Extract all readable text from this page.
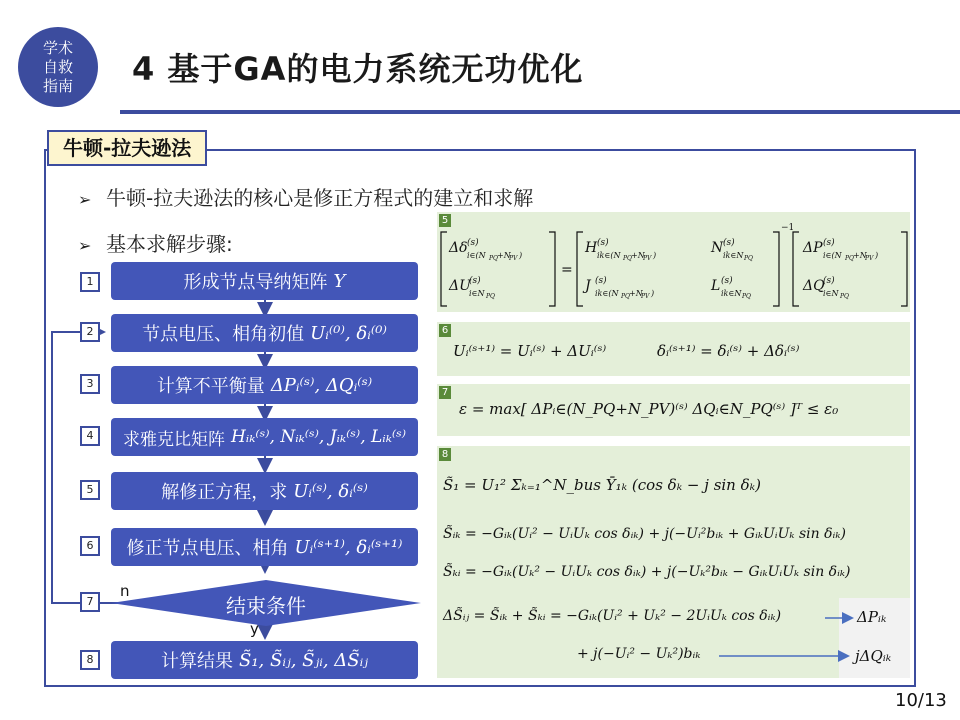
学术
自救
指南	4 基于GA的电力系统无功优化
牛顿-拉夫逊法
➢ 牛顿-拉夫逊法的核心是修正方程式的建立和求解
➢ 基本求解步骤:
1	形成节点导纳矩阵 Y
2	节点电压、相角初值 Uᵢ⁽⁰⁾, δᵢ⁽⁰⁾
3	计算不平衡量 ΔPᵢ⁽ˢ⁾, ΔQᵢ⁽ˢ⁾
4	求雅克比矩阵 Hᵢₖ⁽ˢ⁾, Nᵢₖ⁽ˢ⁾, Jᵢₖ⁽ˢ⁾, Lᵢₖ⁽ˢ⁾
5	解修正方程，求 Uᵢ⁽ˢ⁾, δᵢ⁽ˢ⁾
6	修正节点电压、相角 Uᵢ⁽ˢ⁺¹⁾, δᵢ⁽ˢ⁺¹⁾
7	结束条件
n
y
8	计算结果 S̃₁, S̃ᵢⱼ, S̃ⱼᵢ, ΔS̃ᵢⱼ
5
Δδ (s)
i∈(N PQ +N
PV )
ΔU
(s)
i∈N PQ
=
H (s)
ik∈(N PQ +N
PV )	N (s)
ik∈N PQ
J (s)
ik∈(N PQ +N
PV )	L (s)
ik∈N PQ
−1
ΔP (s)
i∈(N PQ +N
PV )
ΔQ
(s)
i∈N PQ
6
Uᵢ⁽ˢ⁺¹⁾ = Uᵢ⁽ˢ⁾ + ΔUᵢ⁽ˢ⁾	δᵢ⁽ˢ⁺¹⁾ = δᵢ⁽ˢ⁾ + Δδᵢ⁽ˢ⁾
7
ε = max[ ΔPᵢ∈(N_PQ+N_PV)⁽ˢ⁾ ΔQᵢ∈N_PQ⁽ˢ⁾ ]ᵀ ≤ ε₀
8
S̃₁ = U₁² Σₖ₌₁^N_bus Ȳ₁ₖ (cos δₖ − j sin δₖ)
S̃ᵢₖ = −Gᵢₖ(Uᵢ² − UᵢUₖ cos δᵢₖ) + j(−Uᵢ²bᵢₖ + GᵢₖUᵢUₖ sin δᵢₖ)
S̃ₖᵢ = −Gᵢₖ(Uₖ² − UᵢUₖ cos δᵢₖ) + j(−Uₖ²bᵢₖ − GᵢₖUᵢUₖ sin δᵢₖ)
ΔS̃ᵢⱼ = S̃ᵢₖ + S̃ₖᵢ = −Gᵢₖ(Uᵢ² + Uₖ² − 2UᵢUₖ cos δᵢₖ)
+ j(−Uᵢ² − Uₖ²)bᵢₖ
ΔPᵢₖ
jΔQᵢₖ
10/13
